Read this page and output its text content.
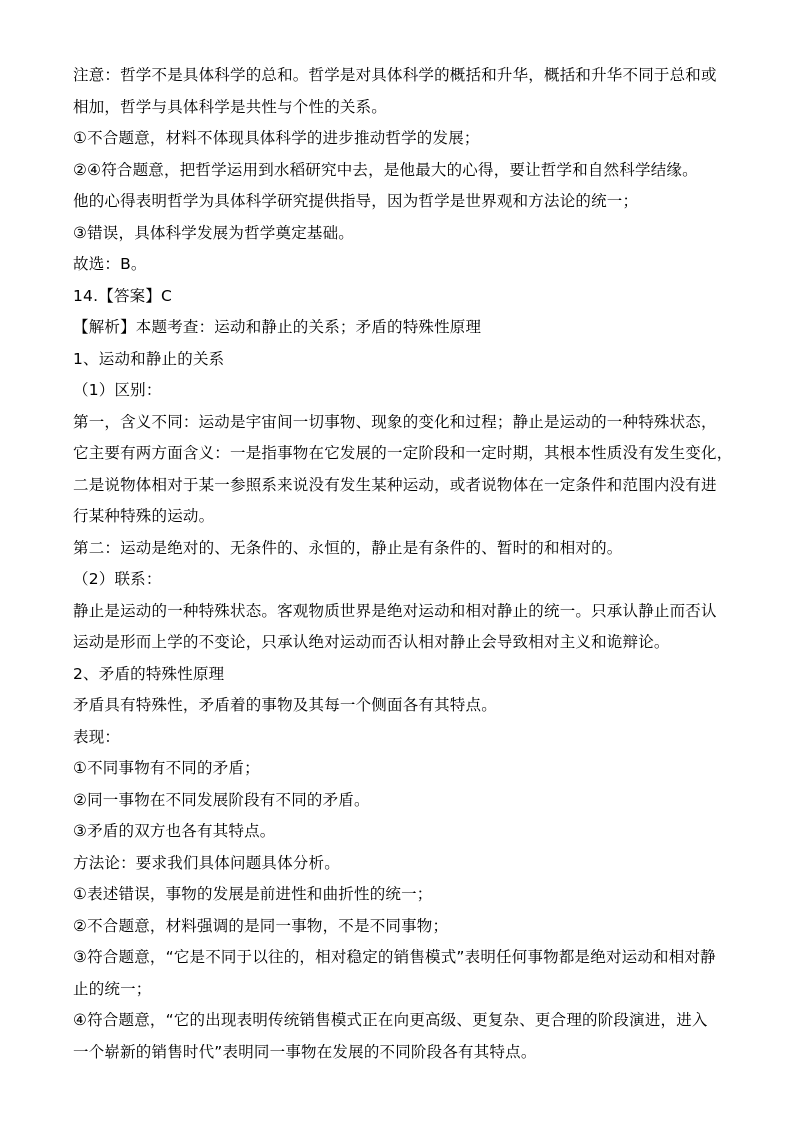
注意：哲学不是具体科学的总和。哲学是对具体科学的概括和升华，概括和升华不同于总和或
相加，哲学与具体科学是共性与个性的关系。
①不合题意，材料不体现具体科学的进步推动哲学的发展；
②④符合题意，把哲学运用到水稻研究中去，是他最大的心得，要让哲学和自然科学结缘。
他的心得表明哲学为具体科学研究提供指导，因为哲学是世界观和方法论的统一；
③错误，具体科学发展为哲学奠定基础。
故选：B。
14.【答案】C
【解析】本题考查：运动和静止的关系；矛盾的特殊性原理
1、运动和静止的关系
（1）区别：
第一，含义不同：运动是宇宙间一切事物、现象的变化和过程；静止是运动的一种特殊状态，
它主要有两方面含义：一是指事物在它发展的一定阶段和一定时期，其根本性质没有发生变化，
二是说物体相对于某一参照系来说没有发生某种运动，或者说物体在一定条件和范围内没有进
行某种特殊的运动。
第二：运动是绝对的、无条件的、永恒的，静止是有条件的、暂时的和相对的。
（2）联系：
静止是运动的一种特殊状态。客观物质世界是绝对运动和相对静止的统一。只承认静止而否认
运动是形而上学的不变论，只承认绝对运动而否认相对静止会导致相对主义和诡辩论。
2、矛盾的特殊性原理
矛盾具有特殊性，矛盾着的事物及其每一个侧面各有其特点。
表现：
①不同事物有不同的矛盾；
②同一事物在不同发展阶段有不同的矛盾。
③矛盾的双方也各有其特点。
方法论：要求我们具体问题具体分析。
①表述错误，事物的发展是前进性和曲折性的统一；
②不合题意，材料强调的是同一事物，不是不同事物；
③符合题意，“它是不同于以往的，相对稳定的销售模式”表明任何事物都是绝对运动和相对静
止的统一；
④符合题意，“它的出现表明传统销售模式正在向更高级、更复杂、更合理的阶段演进，进入
一个崭新的销售时代”表明同一事物在发展的不同阶段各有其特点。
